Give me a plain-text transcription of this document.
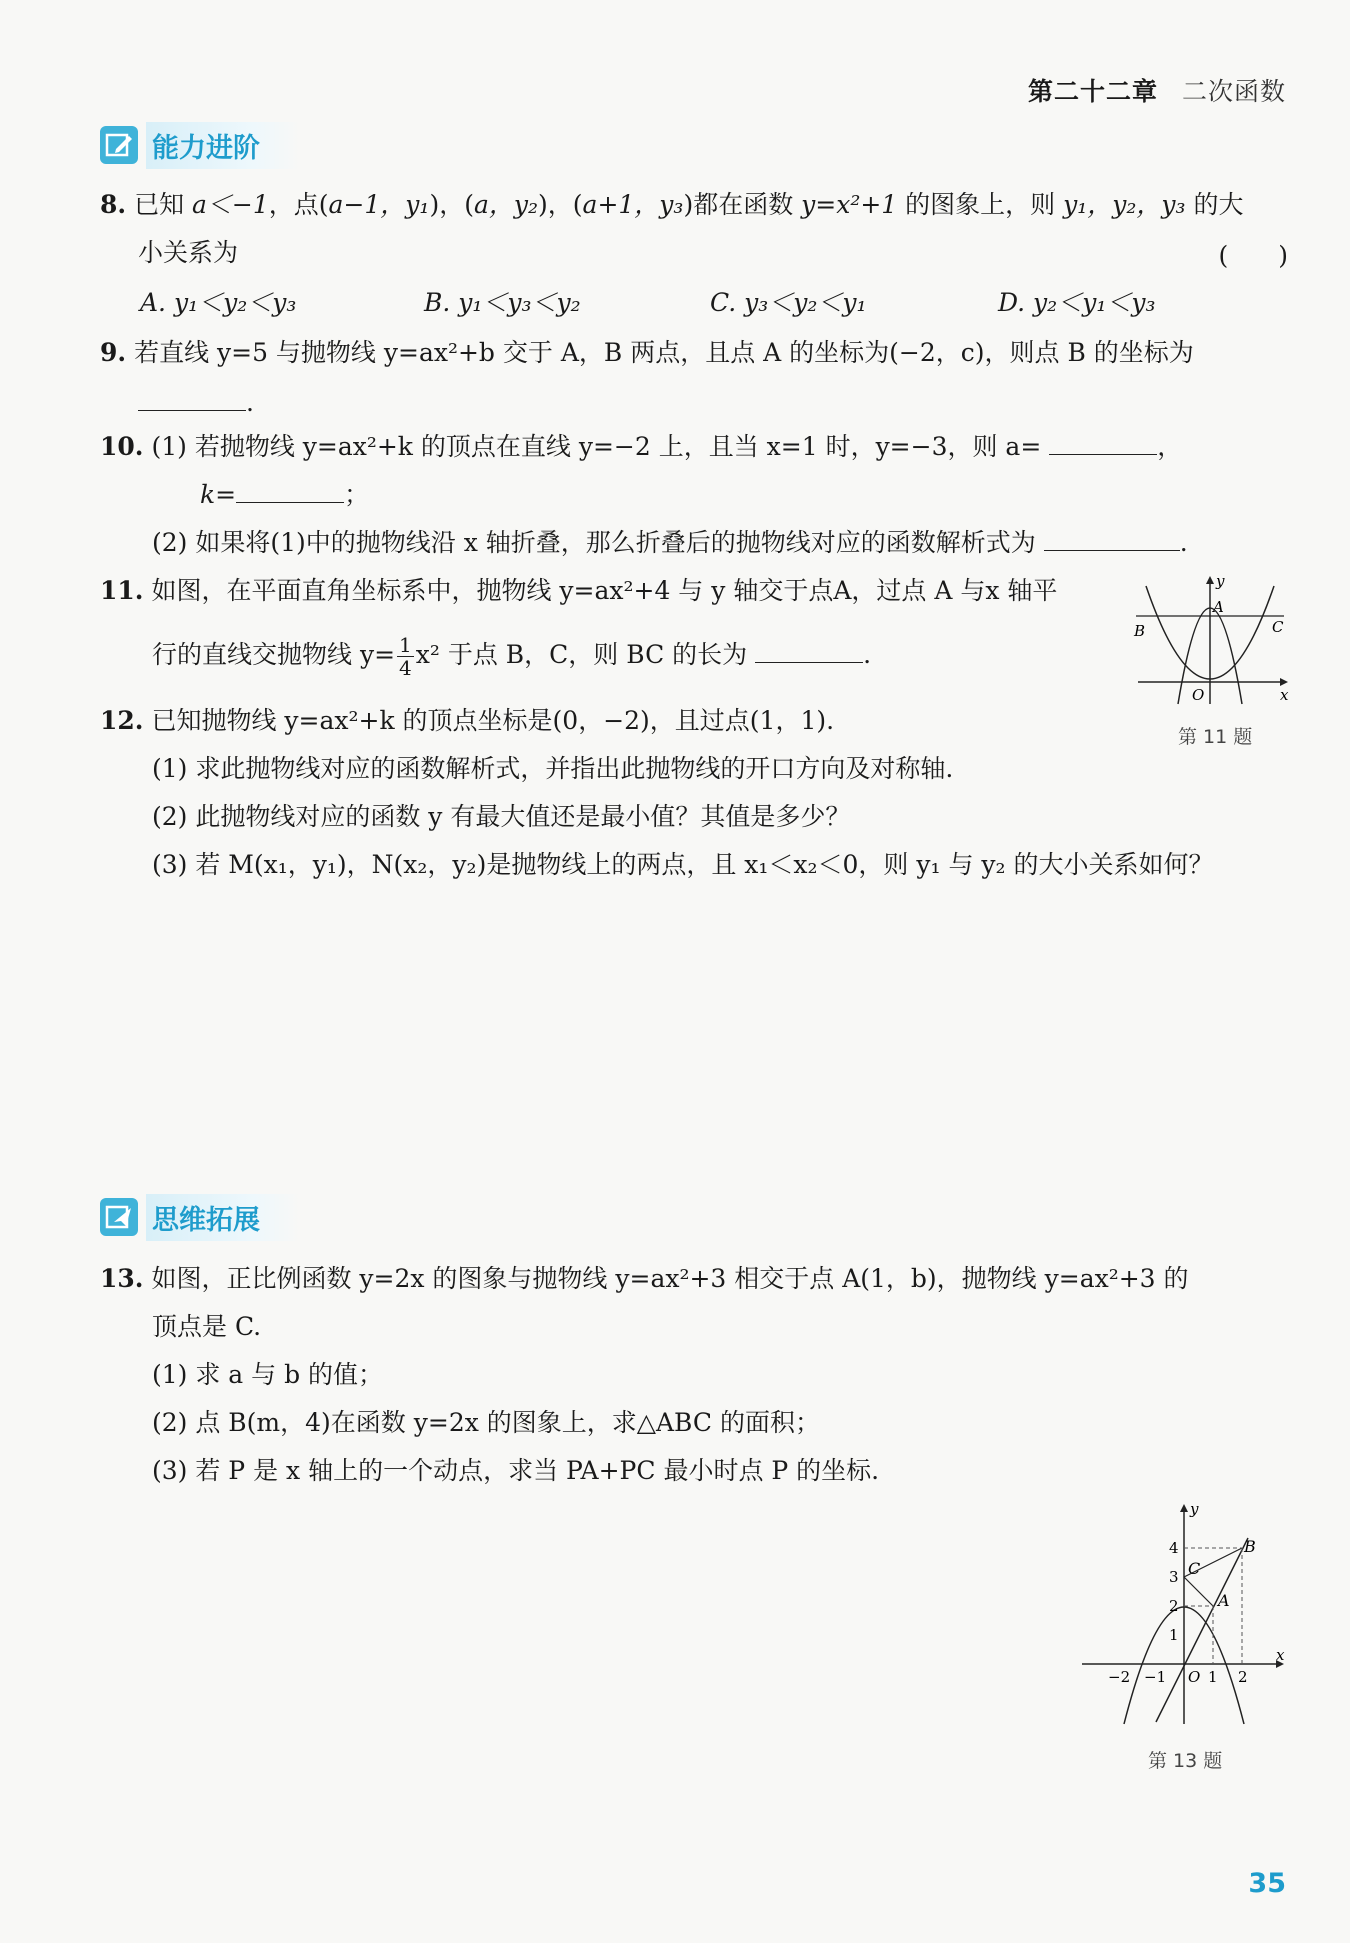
第二十二章 二次函数
能力进阶
8. 已知 a＜−1，点(a−1，y₁)，(a，y₂)，(a+1，y₃)都在函数 y=x²+1 的图象上，则 y₁，y₂，y₃ 的大
小关系为	(　　)
A. y₁＜y₂＜y₃	B. y₁＜y₃＜y₂	C. y₃＜y₂＜y₁	D. y₂＜y₁＜y₃
9. 若直线 y=5 与抛物线 y=ax²+b 交于 A，B 两点，且点 A 的坐标为(−2，c)，则点 B 的坐标为
.
10. (1) 若抛物线 y=ax²+k 的顶点在直线 y=−2 上，且当 x=1 时，y=−3，则 a=	，
k=	；
(2) 如果将(1)中的抛物线沿 x 轴折叠，那么折叠后的抛物线对应的函数解析式为	.
11. 如图，在平面直角坐标系中，抛物线 y=ax²+4 与 y 轴交于点A，过点 A 与x 轴平
行的直线交抛物线 $y= \frac{1}{4} x^2$ 于点 B，C，则 BC 的长为	.
y
x
A
B	C
O
第 11 题
12. 已知抛物线 y=ax²+k 的顶点坐标是(0，−2)，且过点(1，1).
(1) 求此抛物线对应的函数解析式，并指出此抛物线的开口方向及对称轴.
(2) 此抛物线对应的函数 y 有最大值还是最小值？其值是多少？
(3) 若 M(x₁，y₁)，N(x₂，y₂)是抛物线上的两点，且 x₁＜x₂＜0，则 y₁ 与 y₂ 的大小关系如何？
思维拓展
13. 如图，正比例函数 y=2x 的图象与抛物线 y=ax²+3 相交于点 A(1，b)，抛物线 y=ax²+3 的
顶点是 C.
(1) 求 a 与 b 的值；
(2) 点 B(m，4)在函数 y=2x 的图象上，求△ABC 的面积；
(3) 若 P 是 x 轴上的一个动点，求当 PA+PC 最小时点 P 的坐标.
y
x
C
B
A
O
4
3
2
1
−2 −1	1 2
第 13 题
35
